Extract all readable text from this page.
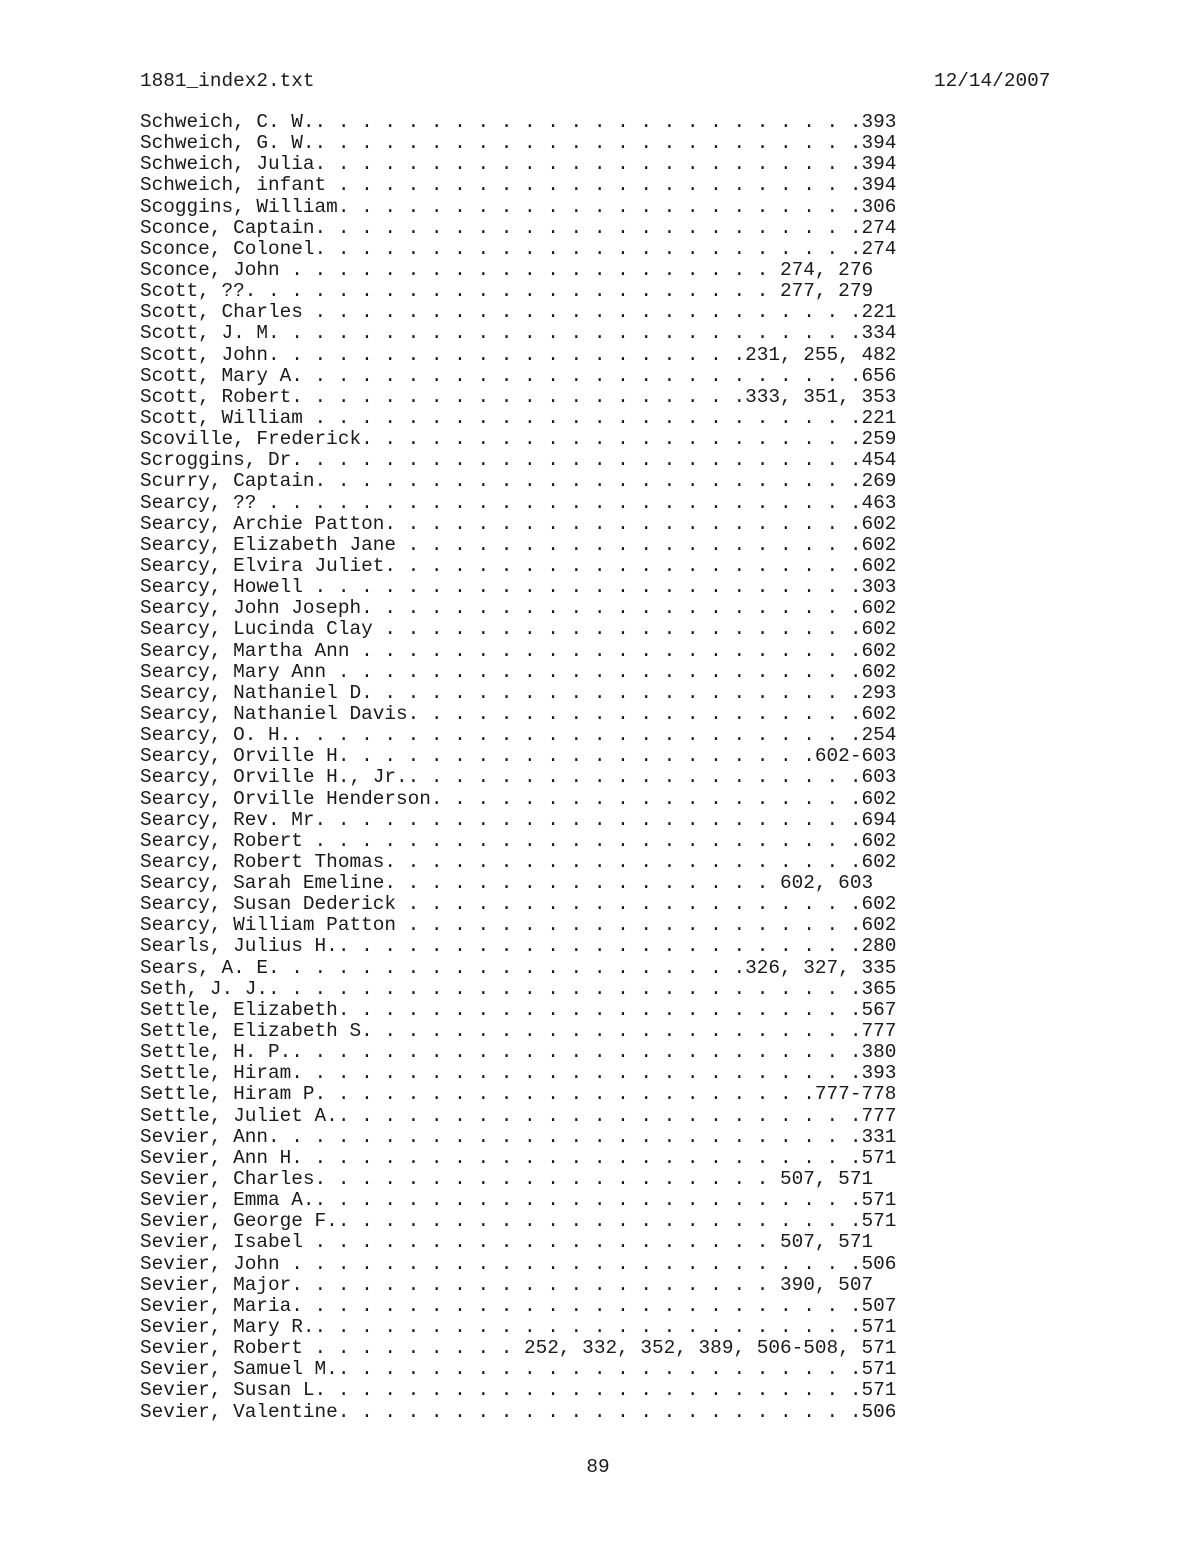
1881_index2.txt	12/14/2007
Schweich, C. W.. . . . . . . . . . . . . . . . . . . . . . . .393
Schweich, G. W.. . . . . . . . . . . . . . . . . . . . . . . .394
Schweich, Julia. . . . . . . . . . . . . . . . . . . . . . . .394
Schweich, infant . . . . . . . . . . . . . . . . . . . . . . .394
Scoggins, William. . . . . . . . . . . . . . . . . . . . . . .306
Sconce, Captain. . . . . . . . . . . . . . . . . . . . . . . .274
Sconce, Colonel. . . . . . . . . . . . . . . . . . . . . . . .274
Sconce, John . . . . . . . . . . . . . . . . . . . . . 274, 276
Scott, ??. . . . . . . . . . . . . . . . . . . . . . . 277, 279
Scott, Charles . . . . . . . . . . . . . . . . . . . . . . . .221
Scott, J. M. . . . . . . . . . . . . . . . . . . . . . . . . .334
Scott, John. . . . . . . . . . . . . . . . . . . . .231, 255, 482
Scott, Mary A. . . . . . . . . . . . . . . . . . . . . . . . .656
Scott, Robert. . . . . . . . . . . . . . . . . . . .333, 351, 353
Scott, William . . . . . . . . . . . . . . . . . . . . . . . .221
Scoville, Frederick. . . . . . . . . . . . . . . . . . . . . .259
Scroggins, Dr. . . . . . . . . . . . . . . . . . . . . . . . .454
Scurry, Captain. . . . . . . . . . . . . . . . . . . . . . . .269
Searcy, ?? . . . . . . . . . . . . . . . . . . . . . . . . . .463
Searcy, Archie Patton. . . . . . . . . . . . . . . . . . . . .602
Searcy, Elizabeth Jane . . . . . . . . . . . . . . . . . . . .602
Searcy, Elvira Juliet. . . . . . . . . . . . . . . . . . . . .602
Searcy, Howell . . . . . . . . . . . . . . . . . . . . . . . .303
Searcy, John Joseph. . . . . . . . . . . . . . . . . . . . . .602
Searcy, Lucinda Clay . . . . . . . . . . . . . . . . . . . . .602
Searcy, Martha Ann . . . . . . . . . . . . . . . . . . . . . .602
Searcy, Mary Ann . . . . . . . . . . . . . . . . . . . . . . .602
Searcy, Nathaniel D. . . . . . . . . . . . . . . . . . . . . .293
Searcy, Nathaniel Davis. . . . . . . . . . . . . . . . . . . .602
Searcy, O. H.. . . . . . . . . . . . . . . . . . . . . . . . .254
Searcy, Orville H. . . . . . . . . . . . . . . . . . . . .602-603
Searcy, Orville H., Jr.. . . . . . . . . . . . . . . . . . . .603
Searcy, Orville Henderson. . . . . . . . . . . . . . . . . . .602
Searcy, Rev. Mr. . . . . . . . . . . . . . . . . . . . . . . .694
Searcy, Robert . . . . . . . . . . . . . . . . . . . . . . . .602
Searcy, Robert Thomas. . . . . . . . . . . . . . . . . . . . .602
Searcy, Sarah Emeline. . . . . . . . . . . . . . . . . 602, 603
Searcy, Susan Dederick . . . . . . . . . . . . . . . . . . . .602
Searcy, William Patton . . . . . . . . . . . . . . . . . . . .602
Searls, Julius H.. . . . . . . . . . . . . . . . . . . . . . .280
Sears, A. E. . . . . . . . . . . . . . . . . . . . .326, 327, 335
Seth, J. J.. . . . . . . . . . . . . . . . . . . . . . . . . .365
Settle, Elizabeth. . . . . . . . . . . . . . . . . . . . . . .567
Settle, Elizabeth S. . . . . . . . . . . . . . . . . . . . . .777
Settle, H. P.. . . . . . . . . . . . . . . . . . . . . . . . .380
Settle, Hiram. . . . . . . . . . . . . . . . . . . . . . . . .393
Settle, Hiram P. . . . . . . . . . . . . . . . . . . . . .777-778
Settle, Juliet A.. . . . . . . . . . . . . . . . . . . . . . .777
Sevier, Ann. . . . . . . . . . . . . . . . . . . . . . . . . .331
Sevier, Ann H. . . . . . . . . . . . . . . . . . . . . . . . .571
Sevier, Charles. . . . . . . . . . . . . . . . . . . . 507, 571
Sevier, Emma A.. . . . . . . . . . . . . . . . . . . . . . . .571
Sevier, George F.. . . . . . . . . . . . . . . . . . . . . . .571
Sevier, Isabel . . . . . . . . . . . . . . . . . . . . 507, 571
Sevier, John . . . . . . . . . . . . . . . . . . . . . . . . .506
Sevier, Major. . . . . . . . . . . . . . . . . . . . . 390, 507
Sevier, Maria. . . . . . . . . . . . . . . . . . . . . . . . .507
Sevier, Mary R.. . . . . . . . . . . . . . . . . . . . . . . .571
Sevier, Robert . . . . . . . . . 252, 332, 352, 389, 506-508, 571
Sevier, Samuel M.. . . . . . . . . . . . . . . . . . . . . . .571
Sevier, Susan L. . . . . . . . . . . . . . . . . . . . . . . .571
Sevier, Valentine. . . . . . . . . . . . . . . . . . . . . . .506
89
